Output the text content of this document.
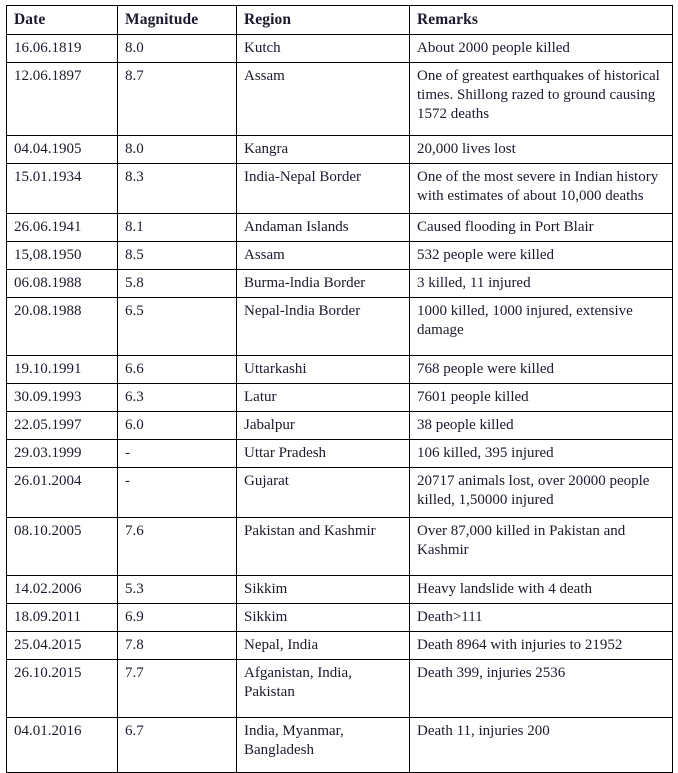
Date	Magnitude	Region	Remarks

16.06.1819	8.0	Kutch	About 2000 people killed

12.06.1897	8.7	Assam	One of greatest earthquakes of historical times. Shillong razed to ground causing 1572 deaths

04.04.1905	8.0	Kangra	20,000 lives lost

15.01.1934	8.3	India-Nepal Border	One of the most severe in Indian history with estimates of about 10,000 deaths

26.06.1941	8.1	Andaman Islands	Caused flooding in Port Blair

15,08.1950	8.5	Assam	532 people were killed

06.08.1988	5.8	Burma-lndia Border	3 killed, 11 injured

20.08.1988	6.5	Nepal-lndia Border	1000 killed, 1000 injured, extensive damage

19.10.1991	6.6	Uttarkashi	768 people were killed

30.09.1993	6.3	Latur	7601 people killed

22.05.1997	6.0	Jabalpur	38 people killed

29.03.1999	-	Uttar Pradesh	106 killed, 395 injured

26.01.2004	-	Gujarat	20717 animals lost, over 20000 people killed, 1,50000 injured

08.10.2005	7.6	Pakistan and Kashmir	Over 87,000 killed in Pakistan and Kashmir

14.02.2006	5.3	Sikkim	Heavy landslide with 4 death

18.09.2011	6.9	Sikkim	Death>111

25.04.2015	7.8	Nepal, India	Death 8964 with injuries to 21952

26.10.2015	7.7	Afganistan, India, Pakistan	Death 399, injuries 2536

04.01.2016	6.7	India, Myanmar, Bangladesh	Death 11, injuries 200
